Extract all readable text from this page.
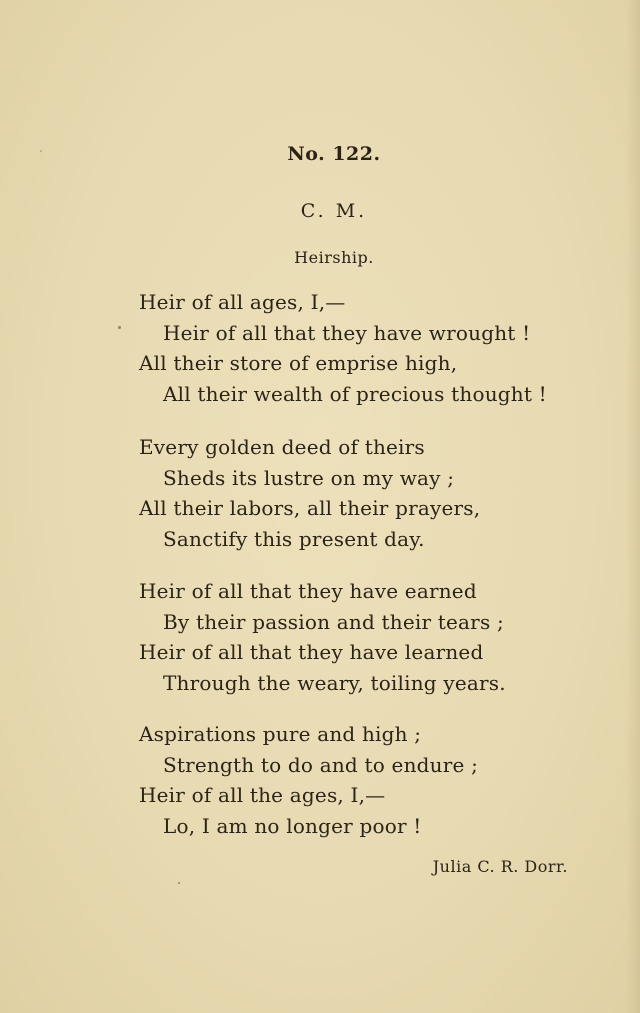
No. 122.
C. M.
Heirship.
Heir of all ages, I,—
Heir of all that they have wrought !
All their store of emprise high,
All their wealth of precious thought !
Every golden deed of theirs
Sheds its lustre on my way ;
All their labors, all their prayers,
Sanctify this present day.
Heir of all that they have earned
By their passion and their tears ;
Heir of all that they have learned
Through the weary, toiling years.
Aspirations pure and high ;
Strength to do and to endure ;
Heir of all the ages, I,—
Lo, I am no longer poor !
Julia C. R. Dorr.
